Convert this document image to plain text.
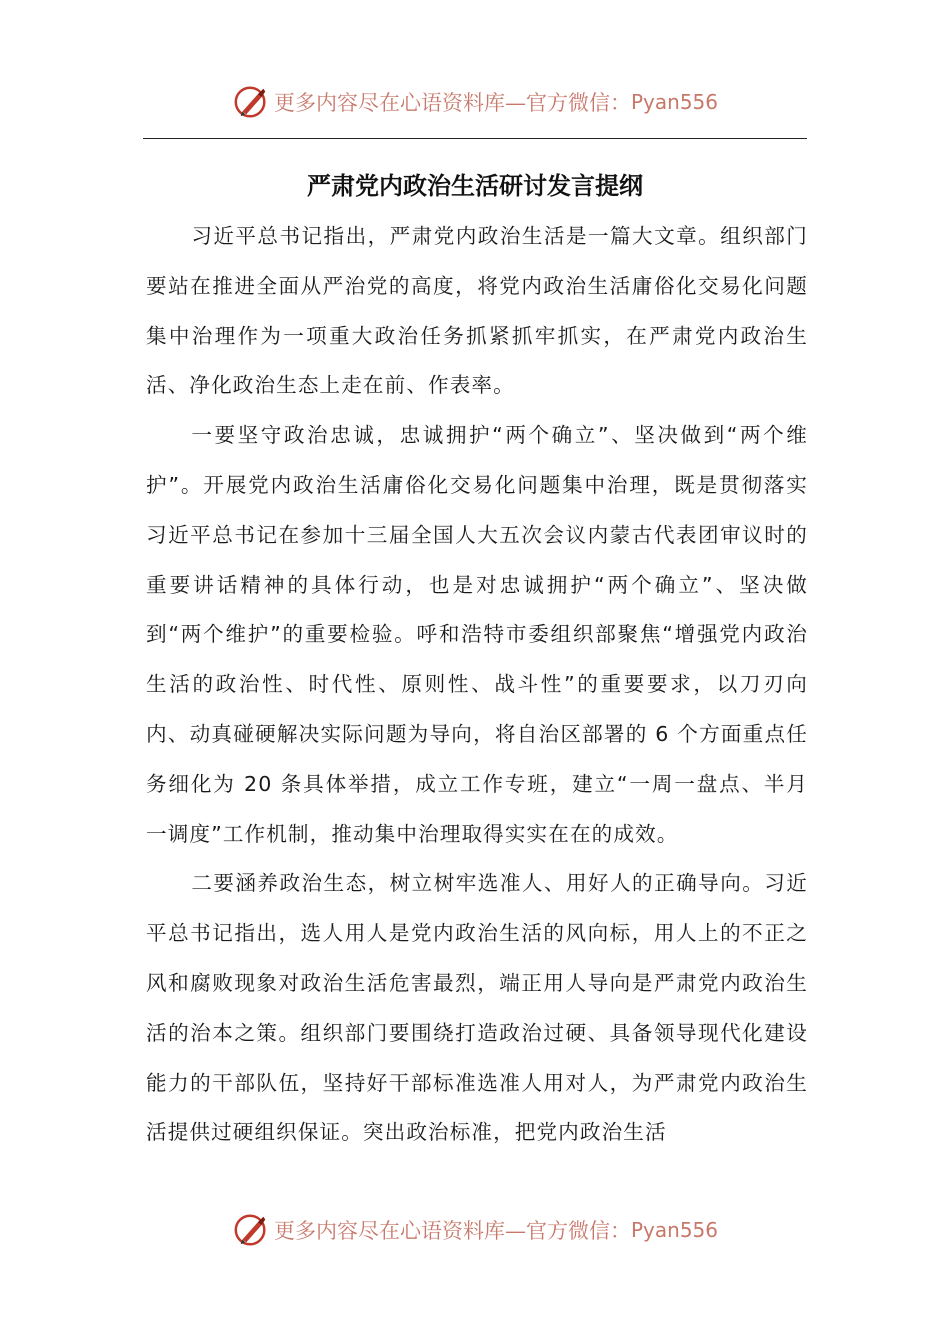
更多内容尽在心语资料库—官方微信： Pyan556
严肃党内政治生活研讨发言提纲

习近平总书记指出，严肃党内政治生活是一篇大文章。组织部门要站在推进全面从严治党的高度，将党内政治生活庸俗化交易化问题集中治理作为一项重大政治任务抓紧抓牢抓实，在严肃党内政治生活、净化政治生态上走在前、作表率。

一要坚守政治忠诚，忠诚拥护“两个确立”、坚决做到“两个维护”。开展党内政治生活庸俗化交易化问题集中治理，既是贯彻落实习近平总书记在参加十三届全国人大五次会议内蒙古代表团审议时的重要讲话精神的具体行动，也是对忠诚拥护“两个确立”、坚决做到“两个维护”的重要检验。呼和浩特市委组织部聚焦“增强党内政治生活的政治性、时代性、原则性、战斗性”的重要要求，以刀刃向内、动真碰硬解决实际问题为导向，将自治区部署的 6 个方面重点任务细化为 20 条具体举措，成立工作专班，建立“一周一盘点、半月一调度”工作机制，推动集中治理取得实实在在的成效。

二要涵养政治生态，树立树牢选准人、用好人的正确导向。习近平总书记指出，选人用人是党内政治生活的风向标，用人上的不正之风和腐败现象对政治生活危害最烈，端正用人导向是严肃党内政治生活的治本之策。组织部门要围绕打造政治过硬、具备领导现代化建设能力的干部队伍，坚持好干部标准选准人用对人，为严肃党内政治生活提供过硬组织保证。突出政治标准，把党内政治生活

更多内容尽在心语资料库—官方微信： Pyan556
